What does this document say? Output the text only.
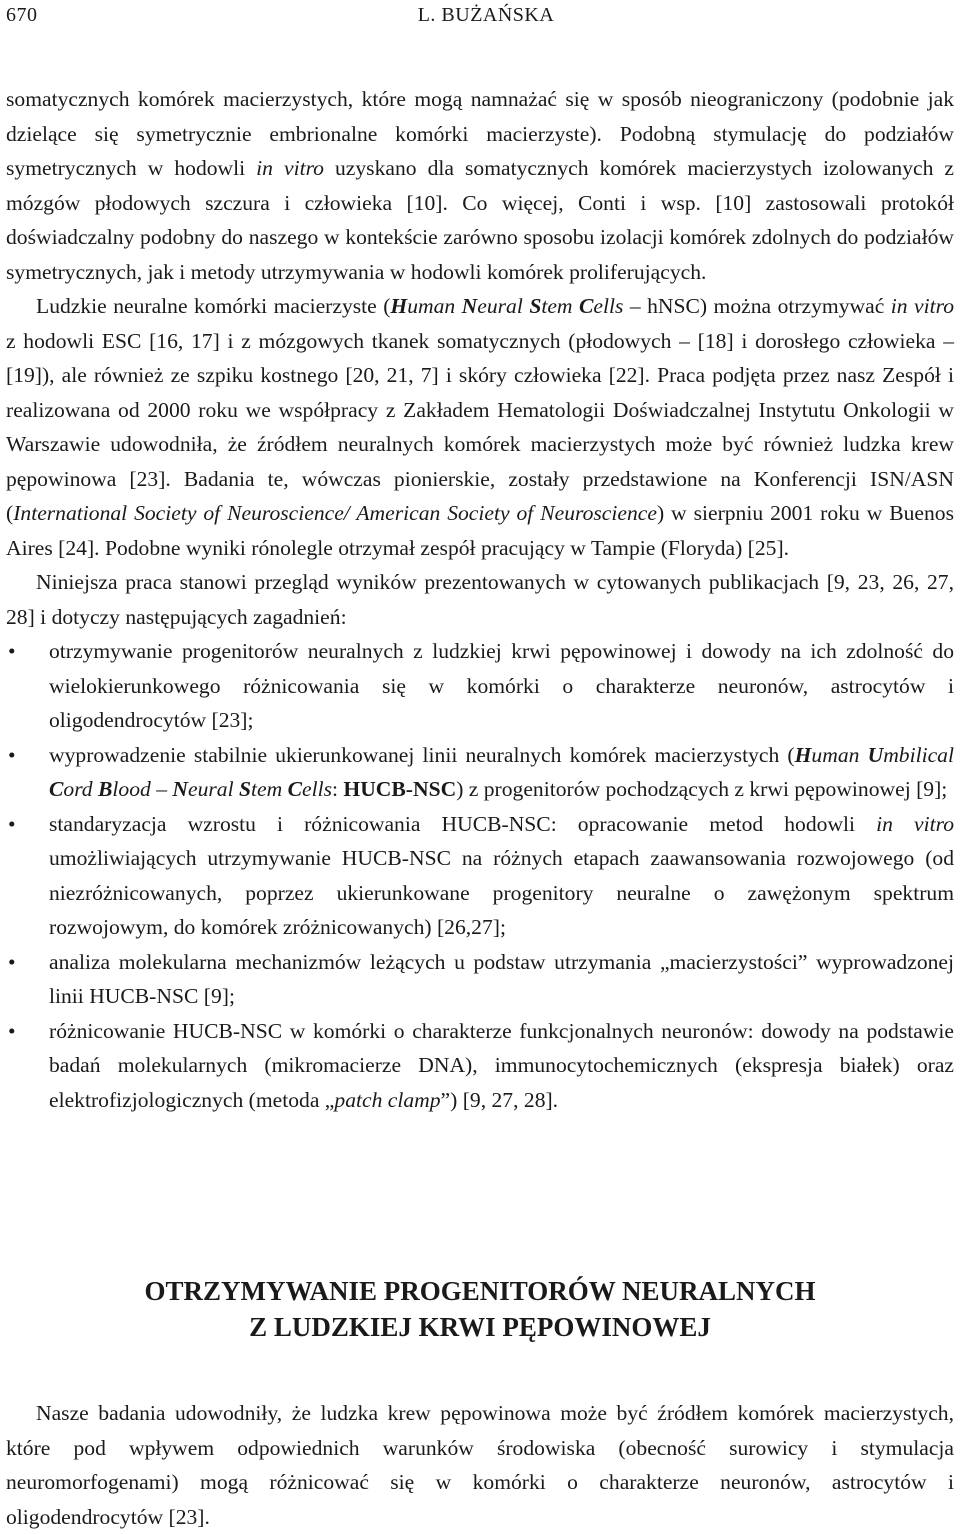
670	L. BUŻAŃSKA

somatycznych komórek macierzystych, które mogą namnażać się w sposób nieograniczony (podobnie jak dzielące się symetrycznie embrionalne komórki macierzyste). Podobną stymulację do podziałów symetrycznych w hodowli in vitro uzyskano dla somatycznych komórek macierzystych izolowanych z mózgów płodowych szczura i człowieka [10]. Co więcej, Conti i wsp. [10] zastosowali protokół doświadczalny podobny do naszego w kontekście zarówno sposobu izolacji komórek zdolnych do podziałów symetrycznych, jak i metody utrzymywania w hodowli komórek proliferujących.

Ludzkie neuralne komórki macierzyste (Human Neural Stem Cells – hNSC) można otrzymywać in vitro z hodowli ESC [16, 17] i z mózgowych tkanek somatycznych (płodowych – [18] i dorosłego człowieka – [19]), ale również ze szpiku kostnego [20, 21, 7] i skóry człowieka [22]. Praca podjęta przez nasz Zespół i realizowana od 2000 roku we współpracy z Zakładem Hematologii Doświadczalnej Instytutu Onkologii w Warszawie udowodniła, że źródłem neuralnych komórek macierzystych może być również ludzka krew pępowinowa [23]. Badania te, wówczas pionierskie, zostały przedstawione na Konferencji ISN/ASN (International Society of Neuroscience/ American Society of Neuroscience) w sierpniu 2001 roku w Buenos Aires [24]. Podobne wyniki rónolegle otrzymał zespół pracujący w Tampie (Floryda) [25].

Niniejsza praca stanowi przegląd wyników prezentowanych w cytowanych publikacjach [9, 23, 26, 27, 28] i dotyczy następujących zagadnień:

• otrzymywanie progenitorów neuralnych z ludzkiej krwi pępowinowej i dowody na ich zdolność do wielokierunkowego różnicowania się w komórki o charakterze neuronów, astrocytów i oligodendrocytów [23];
• wyprowadzenie stabilnie ukierunkowanej linii neuralnych komórek macierzystych (Human Umbilical Cord Blood – Neural Stem Cells: HUCB-NSC) z progenitorów pochodzących z krwi pępowinowej [9];
• standaryzacja wzrostu i różnicowania HUCB-NSC: opracowanie metod hodowli in vitro umożliwiających utrzymywanie HUCB-NSC na różnych etapach zaawansowania rozwojowego (od niezróżnicowanych, poprzez ukierunkowane progenitory neuralne o zawężonym spektrum rozwojowym, do komórek zróżnicowanych) [26,27];
• analiza molekularna mechanizmów leżących u podstaw utrzymania „macierzystości” wyprowadzonej linii HUCB-NSC [9];
• różnicowanie HUCB-NSC w komórki o charakterze funkcjonalnych neuronów: dowody na podstawie badań molekularnych (mikromacierze DNA), immunocytochemicznych (ekspresja białek) oraz elektrofizjologicznych (metoda „patch clamp”) [9, 27, 28].
OTRZYMYWANIE PROGENITORÓW NEURALNYCH
Z LUDZKIEJ KRWI PĘPOWINOWEJ

Nasze badania udowodniły, że ludzka krew pępowinowa może być źródłem komórek macierzystych, które pod wpływem odpowiednich warunków środowiska (obecność surowicy i stymulacja neuromorfogenami) mogą różnicować się w komórki o charakterze neuronów, astrocytów i oligodendrocytów [23].
